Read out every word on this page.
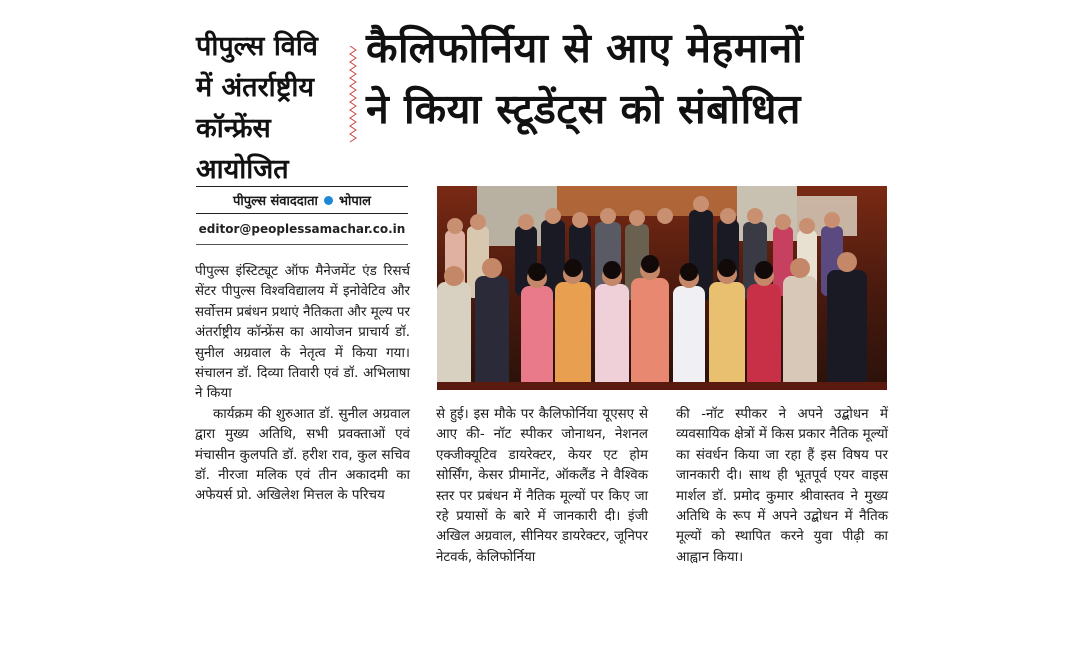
पीपुल्स विवि
में अंतर्राष्ट्रीय
कॉन्फ्रेंस
आयोजित
कैलिफोर्निया से आए मेहमानों
ने किया स्टूडेंट्स को संबोधित
पीपुल्स संवाददाता भोपाल
editor@peoplessamachar.co.in

पीपुल्स इंस्टिट्यूट ऑफ मैनेजमेंट एंड रिसर्च सेंटर पीपुल्स विश्वविद्यालय में इनोवेटिव और सर्वोत्तम प्रबंधन प्रथाएं नैतिकता और मूल्य पर अंतर्राष्ट्रीय कॉन्फ्रेंस का आयोजन प्राचार्य डॉ. सुनील अग्रवाल के नेतृत्व में किया गया। संचालन डॉ. दिव्या तिवारी एवं डॉ. अभिलाषा ने किया

कार्यक्रम की शुरुआत डॉ. सुनील अग्रवाल द्वारा मुख्य अतिथि, सभी प्रवक्ताओं एवं मंचासीन कुलपति डॉ. हरीश राव, कुल सचिव डॉ. नीरजा मलिक एवं तीन अकादमी का अफेयर्स प्रो. अखिलेश मित्तल के परिचय

से हुई। इस मौके पर कैलिफोर्निया यूएसए से आए की- नॉट स्पीकर जोनाथन, नेशनल एक्जीक्यूटिव डायरेक्टर, केयर एट होम सोर्सिंग, केसर प्रीमानेंट, ऑकलैंड ने वैश्विक स्तर पर प्रबंधन में नैतिक मूल्यों पर किए जा रहे प्रयासों के बारे में जानकारी दी। इंजी अखिल अग्रवाल, सीनियर डायरेक्टर, जूनिपर नेटवर्क, केलिफोर्निया

की -नॉट स्पीकर ने अपने उद्बोधन में व्यवसायिक क्षेत्रों में किस प्रकार नैतिक मूल्यों का संवर्धन किया जा रहा हैं इस विषय पर जानकारी दी। साथ ही भूतपूर्व एयर वाइस मार्शल डॉ. प्रमोद कुमार श्रीवास्तव ने मुख्य अतिथि के रूप में अपने उद्बोधन में नैतिक मूल्यों को स्थापित करने युवा पीढ़ी का आह्वान किया।
